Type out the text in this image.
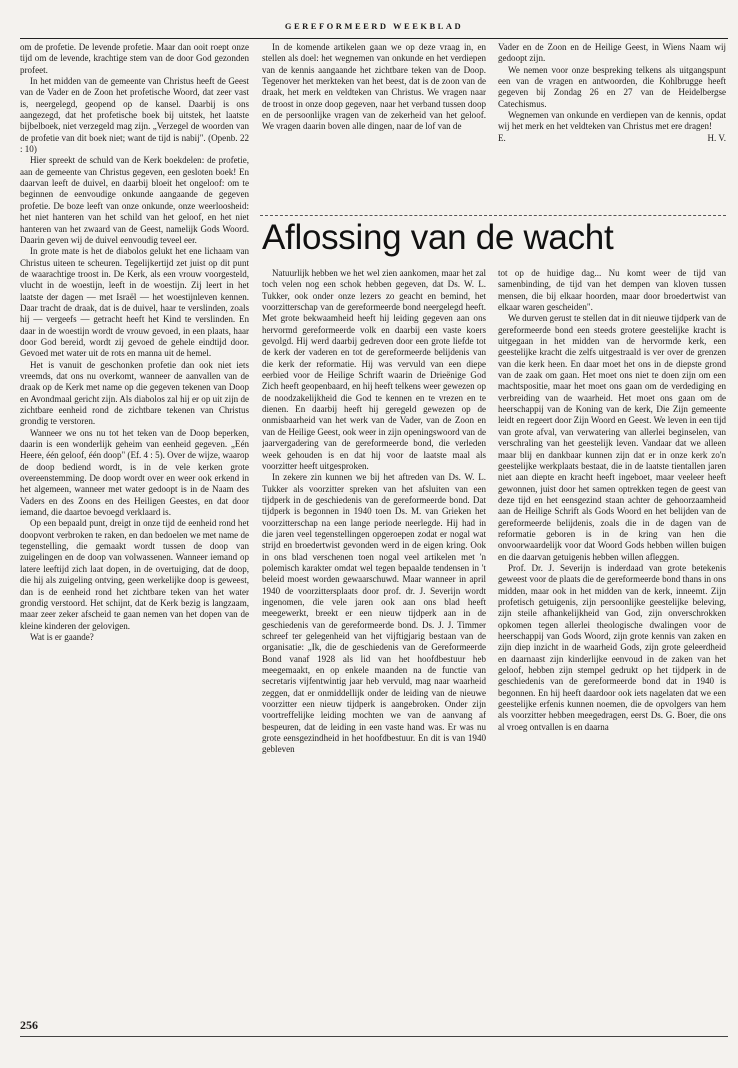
GEREFORMEERD WEEKBLAD

om de profetie. De levende profetie. Maar dan ooit roept onze tijd om de levende, krachtige stem van de door God gezonden profeet.

In het midden van de gemeente van Christus heeft de Geest van de Vader en de Zoon het profetische Woord, dat zeer vast is, neergelegd, geopend op de kansel. Daarbij is ons aangezegd, dat het profetische boek bij uitstek, het laatste bijbelboek, niet verzegeld mag zijn. „Verzegel de woorden van de profetie van dit boek niet; want de tijd is nabij". (Openb. 22 : 10)

Hier spreekt de schuld van de Kerk boekdelen: de profetie, aan de gemeente van Christus gegeven, een gesloten boek! En daarvan leeft de duivel, en daarbij bloeit het ongeloof: om te beginnen de eenvoudige onkunde aangaande de gegeven profetie. De boze leeft van onze onkunde, onze weerloosheid: het niet hanteren van het schild van het geloof, en het niet hanteren van het zwaard van de Geest, namelijk Gods Woord. Daarin geven wij de duivel eenvoudig teveel eer.

In grote mate is het de diabolos gelukt het ene lichaam van Christus uiteen te scheuren. Tegelijkertijd zet juist op dit punt de waarachtige troost in. De Kerk, als een vrouw voorgesteld, vlucht in de woestijn, leeft in de woestijn. Zij leert in het laatste der dagen — met Israël — het woestijnleven kennen. Daar tracht de draak, dat is de duivel, haar te verslinden, zoals hij — vergeefs — getracht heeft het Kind te verslinden. En daar in de woestijn wordt de vrouw gevoed, in een plaats, haar door God bereid, wordt zij gevoed de gehele eindtijd door. Gevoed met water uit de rots en manna uit de hemel.

Het is vanuit de geschonken profetie dan ook niet iets vreemds, dat ons nu overkomt, wanneer de aanvallen van de draak op de Kerk met name op die gegeven tekenen van Doop en Avondmaal gericht zijn. Als diabolos zal hij er op uit zijn de zichtbare eenheid rond de zichtbare tekenen van Christus grondig te verstoren.

Wanneer we ons nu tot het teken van de Doop beperken, daarin is een wonderlijk geheim van eenheid gegeven. „Eén Heere, één geloof, één doop" (Ef. 4 : 5). Over de wijze, waarop de doop bediend wordt, is in de vele kerken grote overeenstemming. De doop wordt over en weer ook erkend in het algemeen, wanneer met water gedoopt is in de Naam des Vaders en des Zoons en des Heiligen Geestes, en dat door iemand, die daartoe bevoegd verklaard is.

Op een bepaald punt, dreigt in onze tijd de eenheid rond het doopvont verbroken te raken, en dan bedoelen we met name de tegenstelling, die gemaakt wordt tussen de doop van zuigelingen en de doop van volwassenen. Wanneer iemand op latere leeftijd zich laat dopen, in de overtuiging, dat de doop, die hij als zuigeling ontving, geen werkelijke doop is geweest, dan is de eenheid rond het zichtbare teken van het water grondig verstoord. Het schijnt, dat de Kerk bezig is langzaam, maar zeer zeker afscheid te gaan nemen van het dopen van de kleine kinderen der gelovigen.

Wat is er gaande?

In de komende artikelen gaan we op deze vraag in, en stellen als doel: het wegnemen van onkunde en het verdiepen van de kennis aangaande het zichtbare teken van de Doop. Tegenover het merkteken van het beest, dat is de zoon van de draak, het merk en veldteken van Christus. We vragen naar de troost in onze doop gegeven, naar het verband tussen doop en de persoonlijke vragen van de zekerheid van het geloof. We vragen daarin boven alle dingen, naar de lof van de

Vader en de Zoon en de Heilige Geest, in Wiens Naam wij gedoopt zijn.

We nemen voor onze bespreking telkens als uitgangspunt een van de vragen en antwoorden, die Kohlbrugge heeft gegeven bij Zondag 26 en 27 van de Heidelbergse Catechismus.

Wegnemen van onkunde en verdiepen van de kennis, opdat wij het merk en het veldteken van Christus met ere dragen!

E.	H. V.
Aflossing van de wacht

Natuurlijk hebben we het wel zien aankomen, maar het zal toch velen nog een schok hebben gegeven, dat Ds. W. L. Tukker, ook onder onze lezers zo geacht en bemind, het voorzitterschap van de gereformeerde bond neergelegd heeft. Met grote bekwaamheid heeft hij leiding gegeven aan ons hervormd gereformeerde volk en daarbij een vaste koers gevolgd. Hij werd daarbij gedreven door een grote liefde tot de kerk der vaderen en tot de gereformeerde belijdenis van die kerk der reformatie. Hij was vervuld van een diepe eerbied voor de Heilige Schrift waarin de Drieënige God Zich heeft geopenbaard, en hij heeft telkens weer gewezen op de noodzakelijkheid die God te kennen en te vrezen en te dienen. En daarbij heeft hij geregeld gewezen op de onmisbaarheid van het werk van de Vader, van de Zoon en van de Heilige Geest, ook weer in zijn openingswoord van de jaarvergadering van de gereformeerde bond, die verleden week gehouden is en dat hij voor de laatste maal als voorzitter heeft uitgesproken.

In zekere zin kunnen we bij het aftreden van Ds. W. L. Tukker als voorzitter spreken van het afsluiten van een tijdperk in de geschiedenis van de gereformeerde bond. Dat tijdperk is begonnen in 1940 toen Ds. M. van Grieken het voorzitterschap na een lange periode neerlegde. Hij had in die jaren veel tegenstellingen opgeroepen zodat er nogal wat strijd en broedertwist gevonden werd in de eigen kring. Ook in ons blad verschenen toen nogal veel artikelen met 'n polemisch karakter omdat wel tegen bepaalde tendensen in 't beleid moest worden gewaarschuwd. Maar wanneer in april 1940 de voorzittersplaats door prof. dr. J. Severijn wordt ingenomen, die vele jaren ook aan ons blad heeft meegewerkt, breekt er een nieuw tijdperk aan in de geschiedenis van de gereformeerde bond. Ds. J. J. Timmer schreef ter gelegenheid van het vijftigjarig bestaan van de organisatie: „Ik, die de geschiedenis van de Gereformeerde Bond vanaf 1928 als lid van het hoofdbestuur heb meegemaakt, en op enkele maanden na de functie van secretaris vijfentwintig jaar heb vervuld, mag naar waarheid zeggen, dat er onmiddellijk onder de leiding van de nieuwe voorzitter een nieuw tijdperk is aangebroken. Onder zijn voortreffelijke leiding mochten we van de aanvang af bespeuren, dat de leiding in een vaste hand was. Er was nu grote eensgezindheid in het hoofdbestuur. En dit is van 1940 gebleven

tot op de huidige dag... Nu komt weer de tijd van samenbinding, de tijd van het dempen van kloven tussen mensen, die bij elkaar hoorden, maar door broedertwist van elkaar waren gescheiden".

We durven gerust te stellen dat in dit nieuwe tijdperk van de gereformeerde bond een steeds grotere geestelijke kracht is uitgegaan in het midden van de hervormde kerk, een geestelijke kracht die zelfs uitgestraald is ver over de grenzen van die kerk heen. En daar moet het ons in de diepste grond van de zaak om gaan. Het moet ons niet te doen zijn om een machtspositie, maar het moet ons gaan om de verdediging en verbreiding van de waarheid. Het moet ons gaan om de heerschappij van de Koning van de kerk, Die Zijn gemeente leidt en regeert door Zijn Woord en Geest. We leven in een tijd van grote afval, van verwatering van allerlei beginselen, van verschraling van het geestelijk leven. Vandaar dat we alleen maar blij en dankbaar kunnen zijn dat er in onze kerk zo'n geestelijke werkplaats bestaat, die in de laatste tientallen jaren niet aan diepte en kracht heeft ingeboet, maar veeleer heeft gewonnen, juist door het samen optrekken tegen de geest van deze tijd en het eensgezind staan achter de gehoorzaamheid aan de Heilige Schrift als Gods Woord en het belijden van de gereformeerde belijdenis, zoals die in de dagen van de reformatie geboren is in de kring van hen die onvoorwaardelijk voor dat Woord Gods hebben willen buigen en die daarvan getuigenis hebben willen afleggen.

Prof. Dr. J. Severijn is inderdaad van grote betekenis geweest voor de plaats die de gereformeerde bond thans in ons midden, maar ook in het midden van de kerk, inneemt. Zijn profetisch getuigenis, zijn persoonlijke geestelijke beleving, zijn steile afhankelijkheid van God, zijn onverschrokken opkomen tegen allerlei theologische dwalingen voor de heerschappij van Gods Woord, zijn grote kennis van zaken en zijn diep inzicht in de waarheid Gods, zijn grote geleerdheid en daarnaast zijn kinderlijke eenvoud in de zaken van het geloof, hebben zijn stempel gedrukt op het tijdperk in de geschiedenis van de gereformeerde bond dat in 1940 is begonnen. En hij heeft daardoor ook iets nagelaten dat we een geestelijke erfenis kunnen noemen, die de opvolgers van hem als voorzitter hebben meegedragen, eerst Ds. G. Boer, die ons al vroeg ontvallen is en daarna

256
